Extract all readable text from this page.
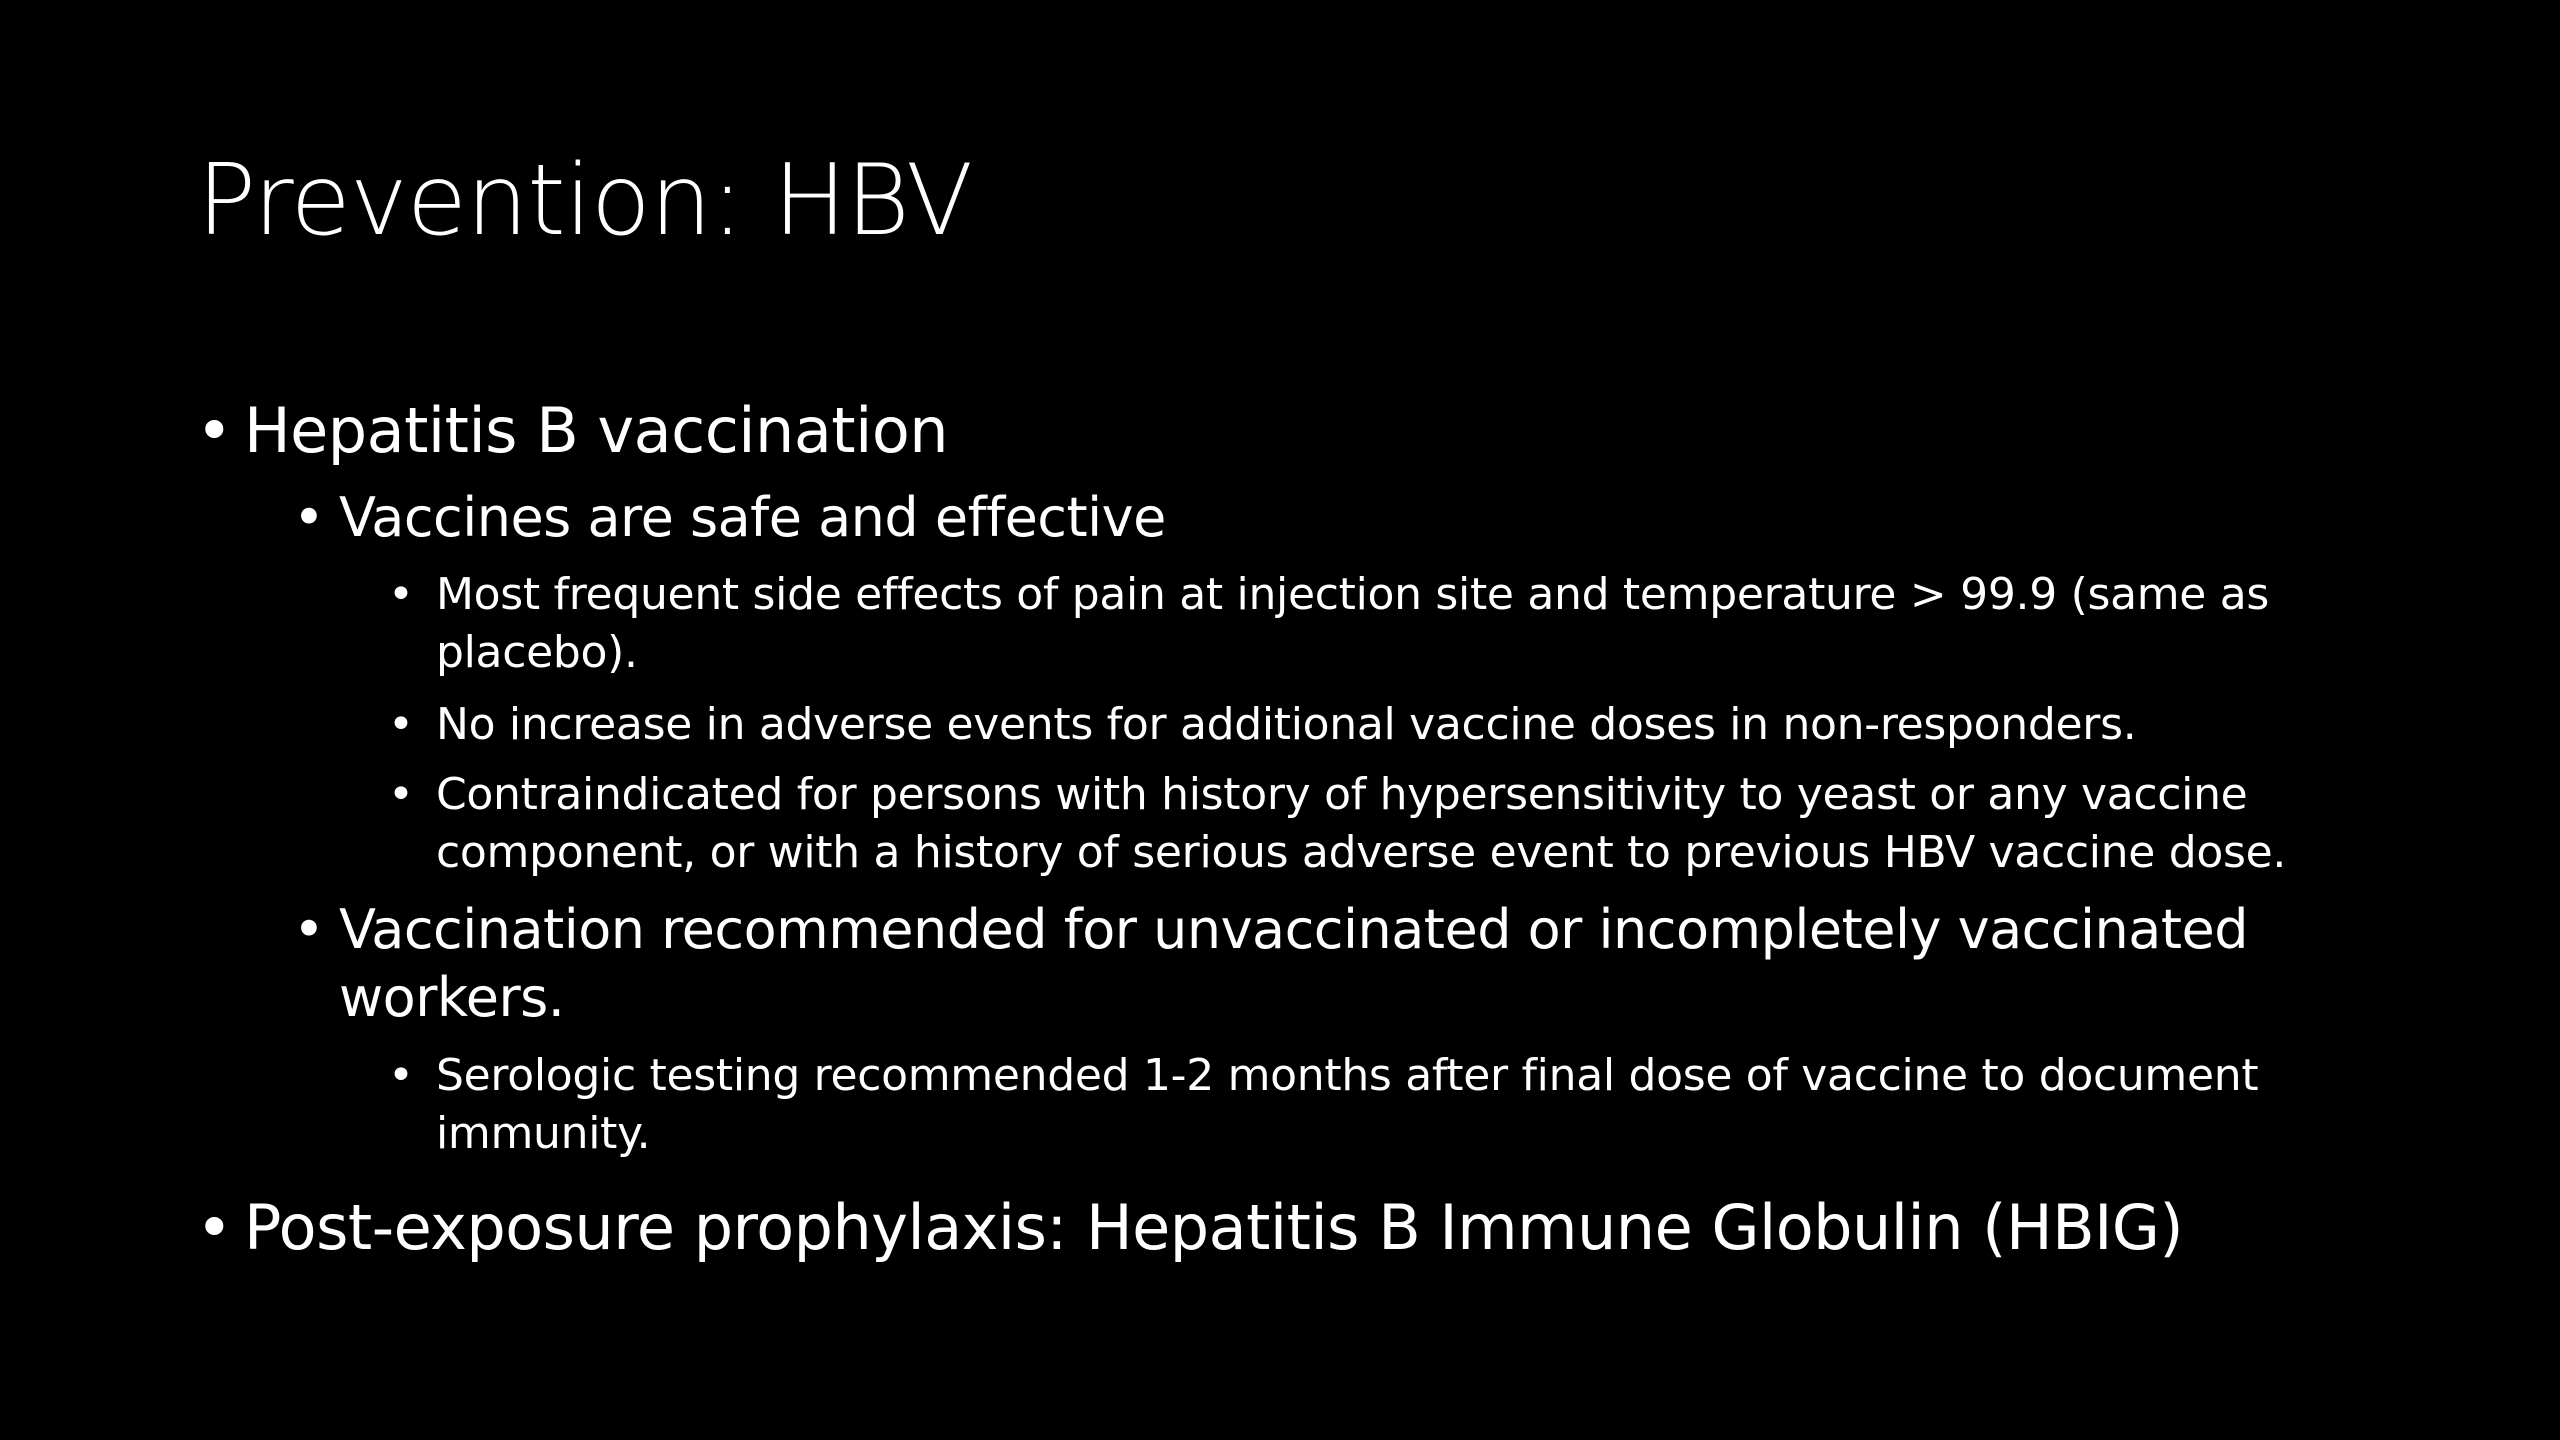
Prevention: HBV
• Hepatitis B vaccination
• Vaccines are safe and effective
• Most frequent side effects of pain at injection site and temperature > 99.9 (same as
placebo).
• No increase in adverse events for additional vaccine doses in non-responders.
• Contraindicated for persons with history of hypersensitivity to yeast or any vaccine
component, or with a history of serious adverse event to previous HBV vaccine dose.
• Vaccination recommended for unvaccinated or incompletely vaccinated
workers.
• Serologic testing recommended 1-2 months after final dose of vaccine to document
immunity.
• Post-exposure prophylaxis: Hepatitis B Immune Globulin (HBIG)
